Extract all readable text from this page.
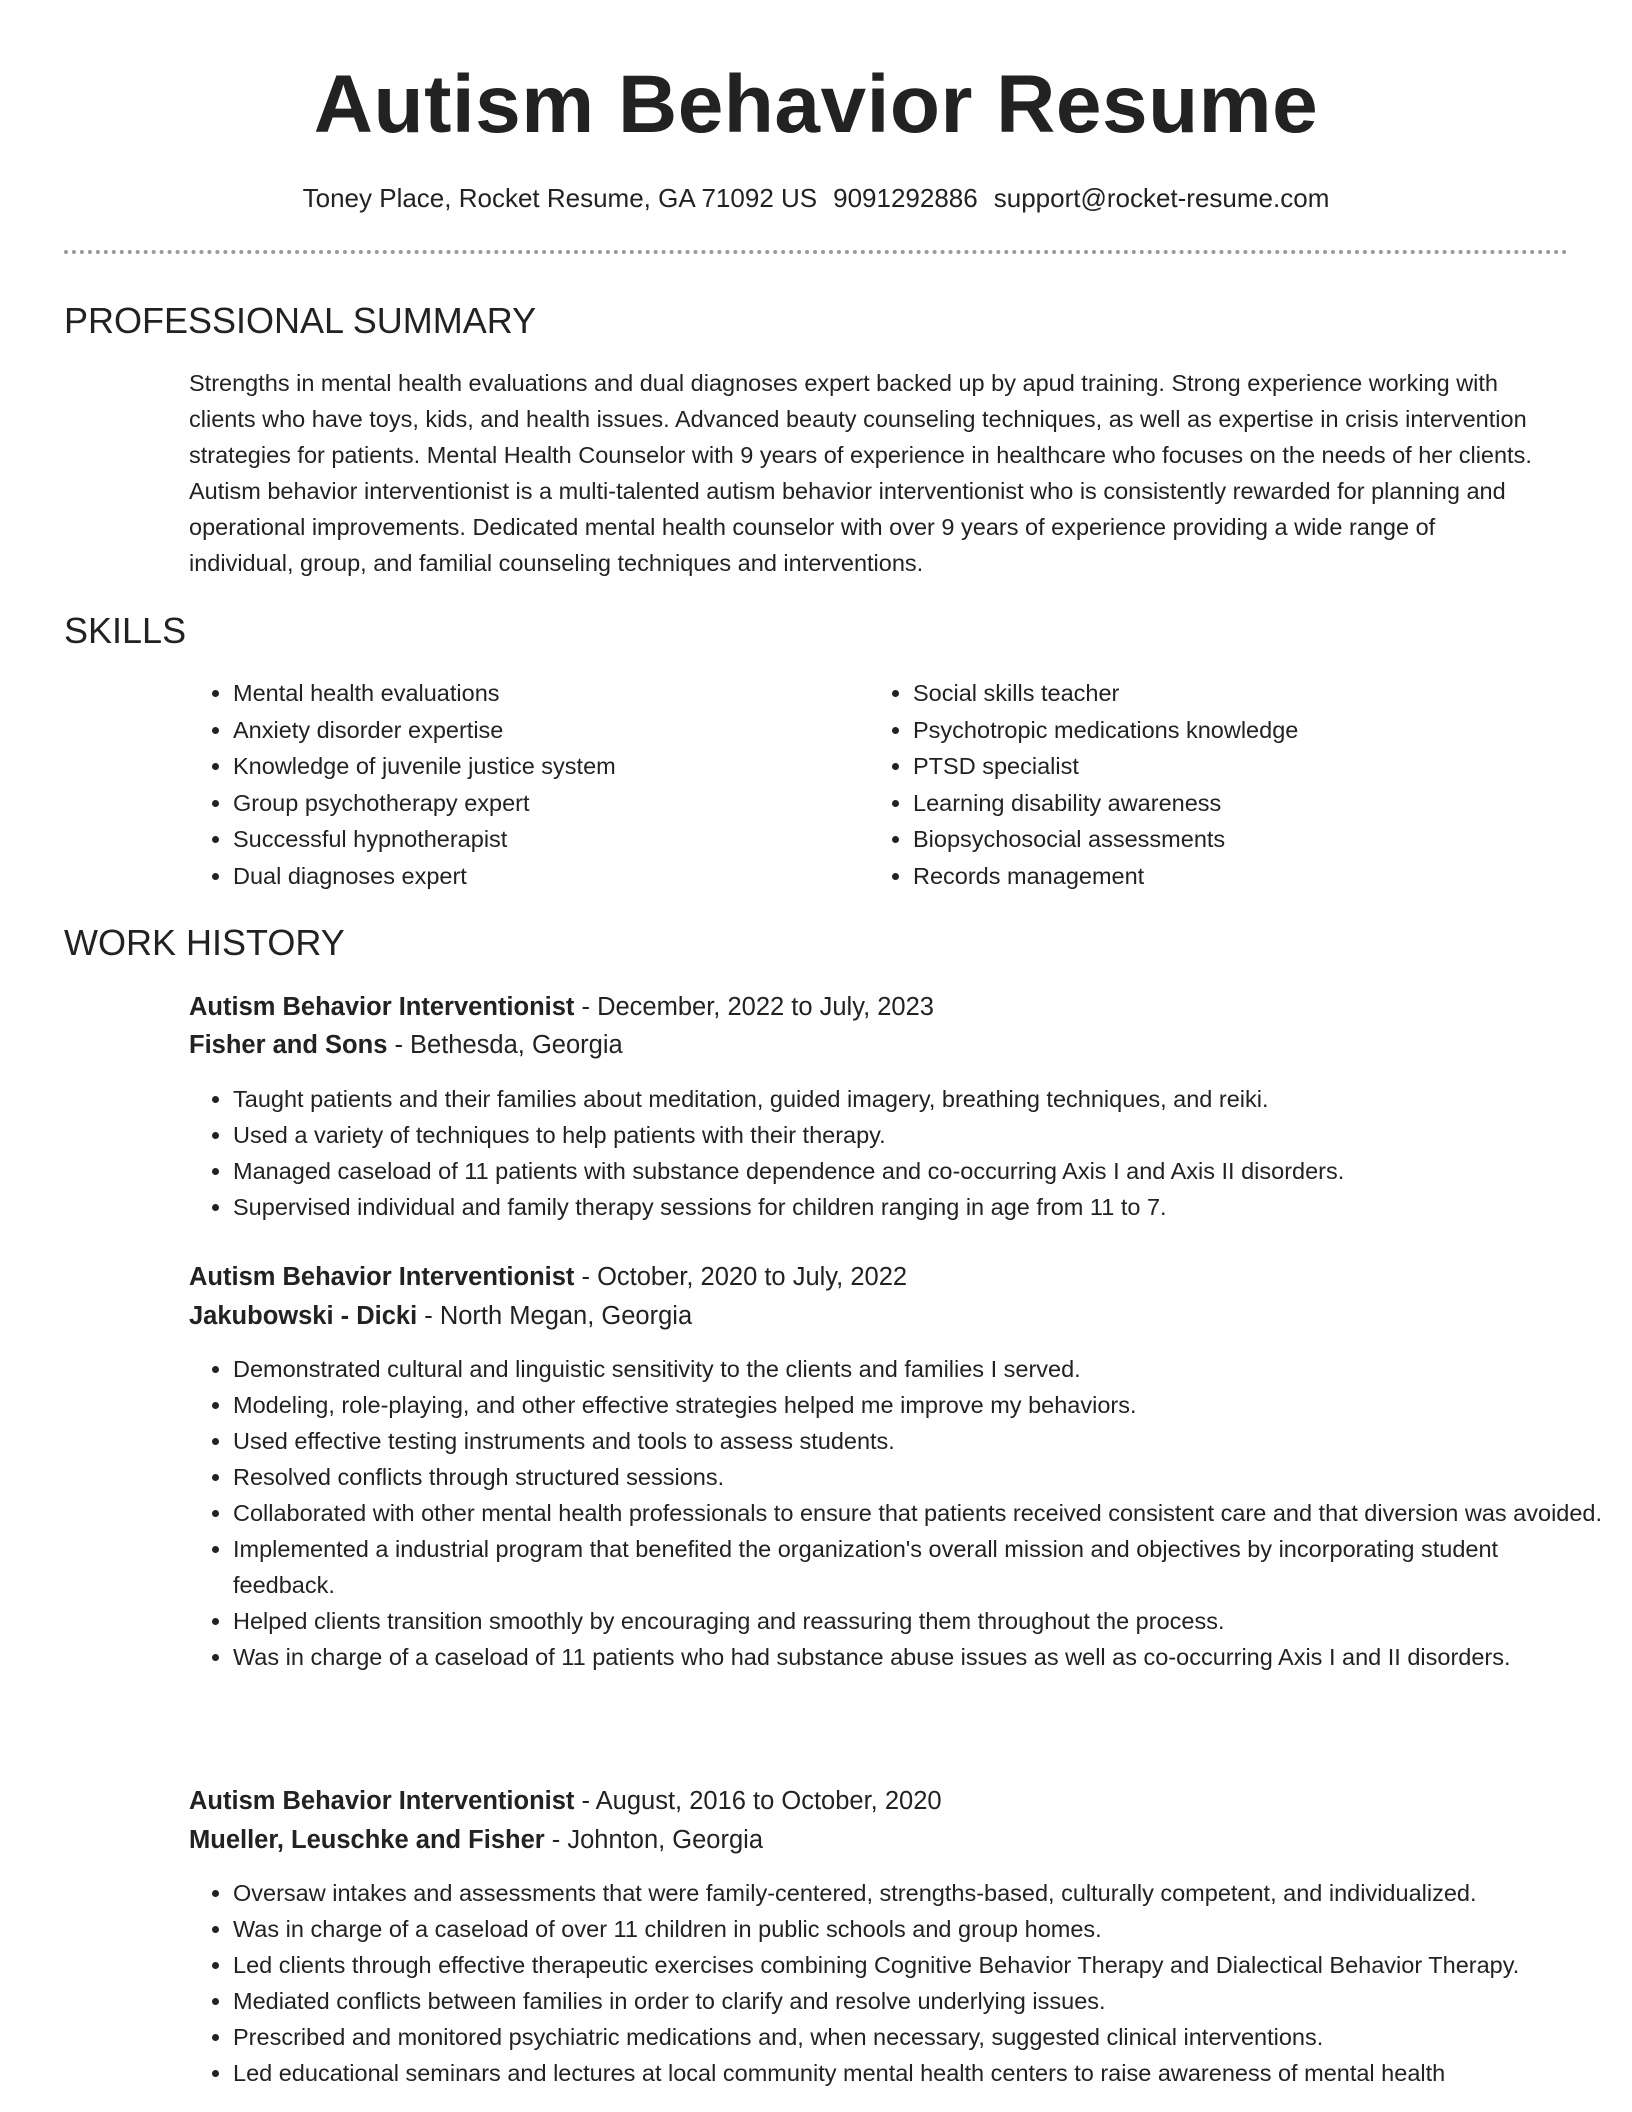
Autism Behavior Resume
Toney Place, Rocket Resume, GA 71092 US 9091292886 support@rocket-resume.com
PROFESSIONAL SUMMARY
Strengths in mental health evaluations and dual diagnoses expert backed up by apud training. Strong experience working with clients who have toys, kids, and health issues. Advanced beauty counseling techniques, as well as expertise in crisis intervention strategies for patients. Mental Health Counselor with 9 years of experience in healthcare who focuses on the needs of her clients. Autism behavior interventionist is a multi-talented autism behavior interventionist who is consistently rewarded for planning and operational improvements. Dedicated mental health counselor with over 9 years of experience providing a wide range of individual, group, and familial counseling techniques and interventions.
SKILLS
• Mental health evaluations
• Anxiety disorder expertise
• Knowledge of juvenile justice system
• Group psychotherapy expert
• Successful hypnotherapist
• Dual diagnoses expert
• Social skills teacher
• Psychotropic medications knowledge
• PTSD specialist
• Learning disability awareness
• Biopsychosocial assessments
• Records management
WORK HISTORY
Autism Behavior Interventionist - December, 2022 to July, 2023
Fisher and Sons - Bethesda, Georgia
• Taught patients and their families about meditation, guided imagery, breathing techniques, and reiki.
• Used a variety of techniques to help patients with their therapy.
• Managed caseload of 11 patients with substance dependence and co-occurring Axis I and Axis II disorders.
• Supervised individual and family therapy sessions for children ranging in age from 11 to 7.
Autism Behavior Interventionist - October, 2020 to July, 2022
Jakubowski - Dicki - North Megan, Georgia
• Demonstrated cultural and linguistic sensitivity to the clients and families I served.
• Modeling, role-playing, and other effective strategies helped me improve my behaviors.
• Used effective testing instruments and tools to assess students.
• Resolved conflicts through structured sessions.
• Collaborated with other mental health professionals to ensure that patients received consistent care and that diversion was avoided.
• Implemented a industrial program that benefited the organization's overall mission and objectives by incorporating student feedback.
• Helped clients transition smoothly by encouraging and reassuring them throughout the process.
• Was in charge of a caseload of 11 patients who had substance abuse issues as well as co-occurring Axis I and II disorders.
Autism Behavior Interventionist - August, 2016 to October, 2020
Mueller, Leuschke and Fisher - Johnton, Georgia
• Oversaw intakes and assessments that were family-centered, strengths-based, culturally competent, and individualized.
• Was in charge of a caseload of over 11 children in public schools and group homes.
• Led clients through effective therapeutic exercises combining Cognitive Behavior Therapy and Dialectical Behavior Therapy.
• Mediated conflicts between families in order to clarify and resolve underlying issues.
• Prescribed and monitored psychiatric medications and, when necessary, suggested clinical interventions.
• Led educational seminars and lectures at local community mental health centers to raise awareness of mental health
